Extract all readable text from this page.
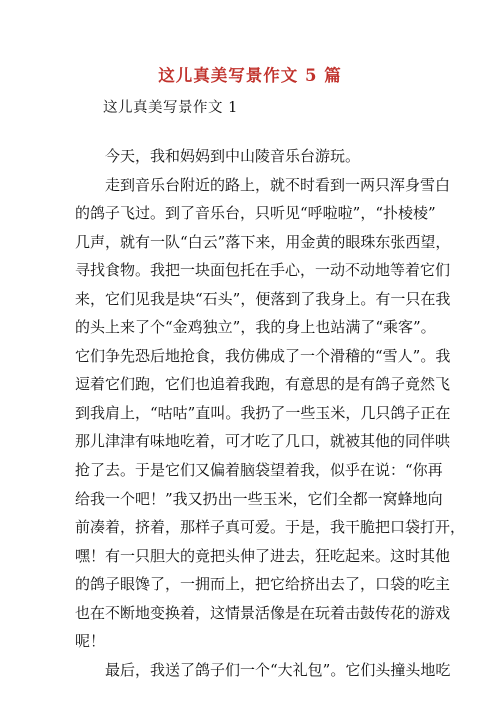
这儿真美写景作文 5 篇
这儿真美写景作文 1
今天，我和妈妈到中山陵音乐台游玩。
走到音乐台附近的路上，就不时看到一两只浑身雪白
的鸽子飞过。到了音乐台，只听见“呼啦啦”，“扑棱棱”
几声，就有一队“白云”落下来，用金黄的眼珠东张西望，
寻找食物。我把一块面包托在手心，一动不动地等着它们
来，它们见我是块“石头”，便落到了我身上。有一只在我
的头上来了个“金鸡独立”，我的身上也站满了“乘客”。
它们争先恐后地抢食，我仿佛成了一个滑稽的“雪人”。我
逗着它们跑，它们也追着我跑，有意思的是有鸽子竟然飞
到我肩上，“咕咕”直叫。我扔了一些玉米，几只鸽子正在
那儿津津有味地吃着，可才吃了几口，就被其他的同伴哄
抢了去。于是它们又偏着脑袋望着我，似乎在说：“你再
给我一个吧！”我又扔出一些玉米，它们全都一窝蜂地向
前凑着，挤着，那样子真可爱。于是，我干脆把口袋打开，
嘿！有一只胆大的竟把头伸了进去，狂吃起来。这时其他
的鸽子眼馋了，一拥而上，把它给挤出去了，口袋的吃主
也在不断地变换着，这情景活像是在玩着击鼓传花的游戏
呢！
最后，我送了鸽子们一个“大礼包”。它们头撞头地吃
